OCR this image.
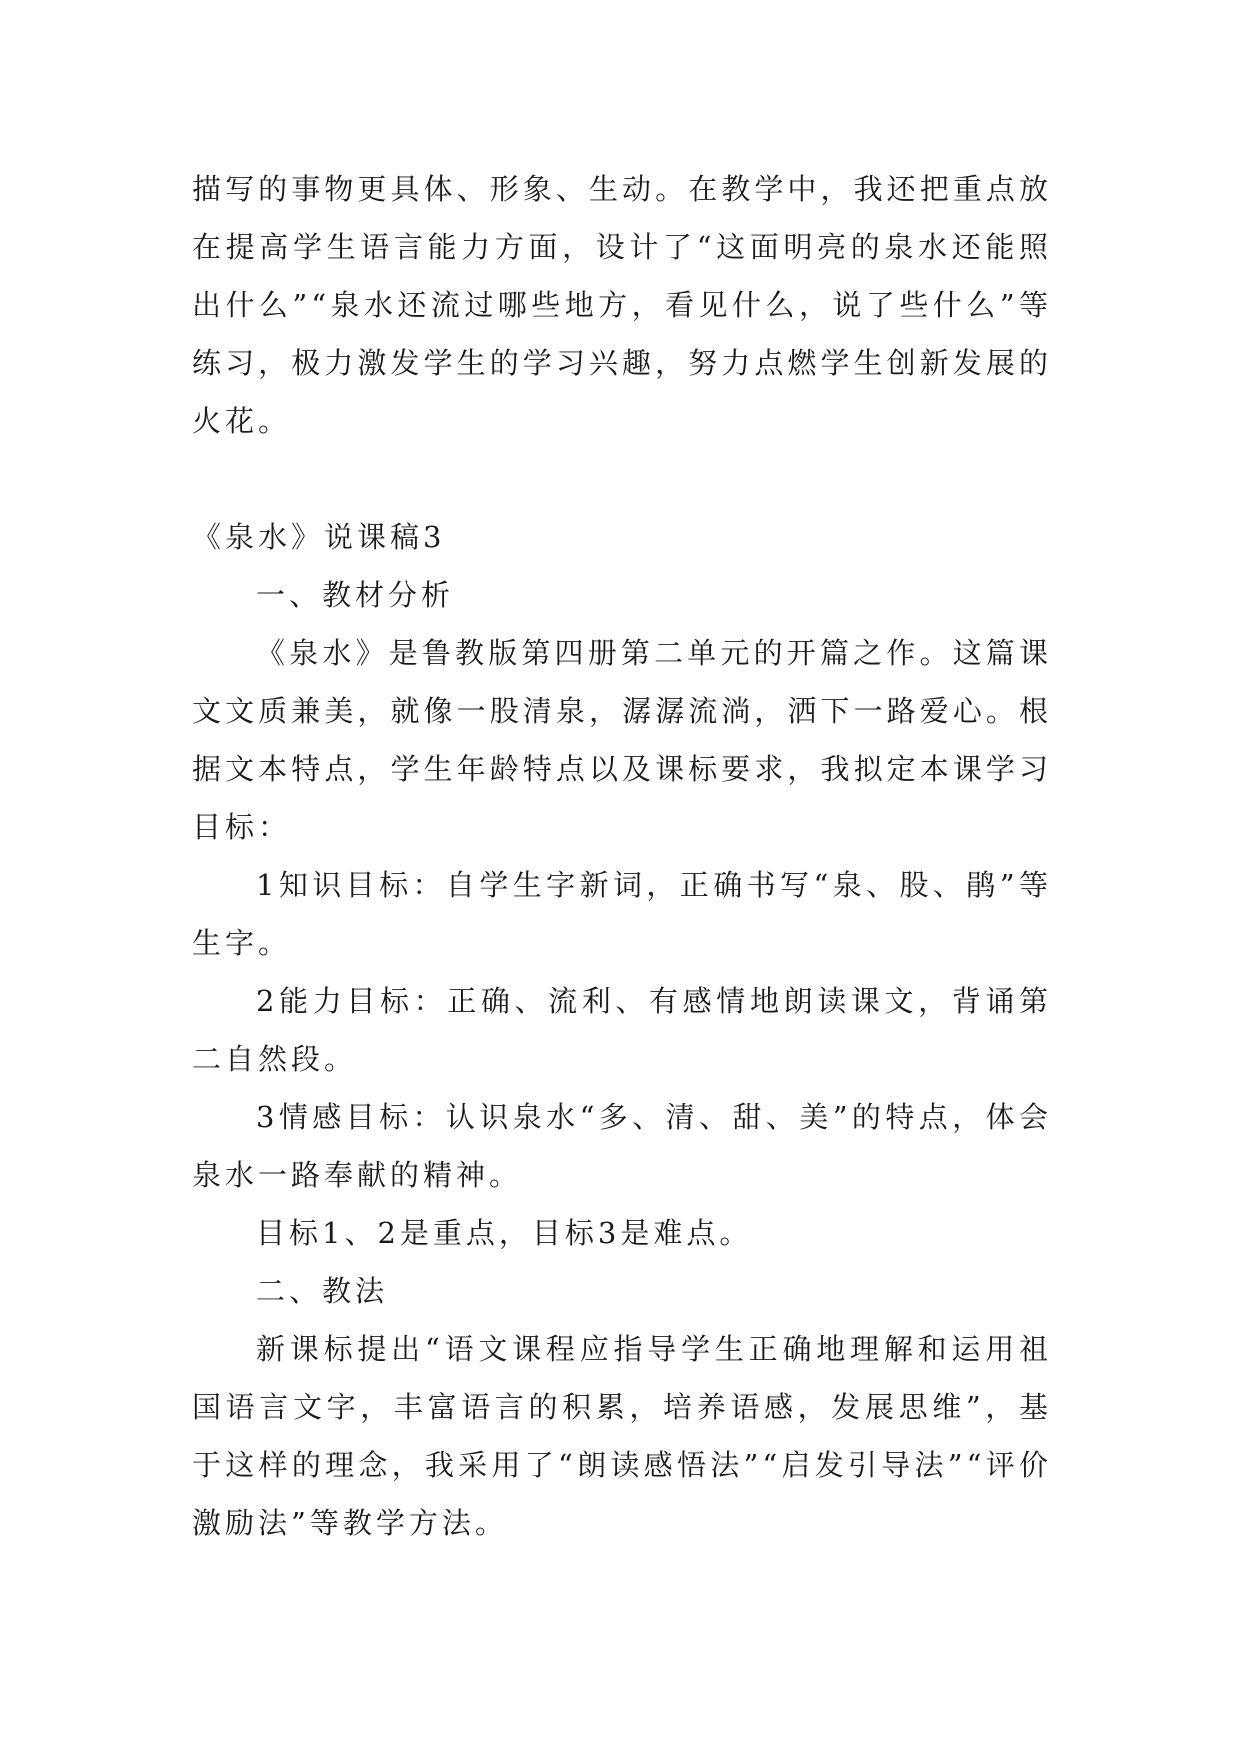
描写的事物更具体、形象、生动。在教学中，我还把重点放在提高学生语言能力方面，设计了“这面明亮的泉水还能照出什么”“泉水还流过哪些地方，看见什么，说了些什么”等练习，极力激发学生的学习兴趣，努力点燃学生创新发展的火花。

《泉水》说课稿3

一、教材分析

《泉水》是鲁教版第四册第二单元的开篇之作。这篇课文文质兼美，就像一股清泉，潺潺流淌，洒下一路爱心。根据文本特点，学生年龄特点以及课标要求，我拟定本课学习目标：

1知识目标：自学生字新词，正确书写“泉、股、鹃”等生字。

2能力目标：正确、流利、有感情地朗读课文，背诵第二自然段。

3情感目标：认识泉水“多、清、甜、美”的特点，体会泉水一路奉献的精神。

目标1、2是重点，目标3是难点。

二、教法

新课标提出“语文课程应指导学生正确地理解和运用祖国语言文字，丰富语言的积累，培养语感，发展思维”，基于这样的理念，我采用了“朗读感悟法”“启发引导法”“评价激励法”等教学方法。
